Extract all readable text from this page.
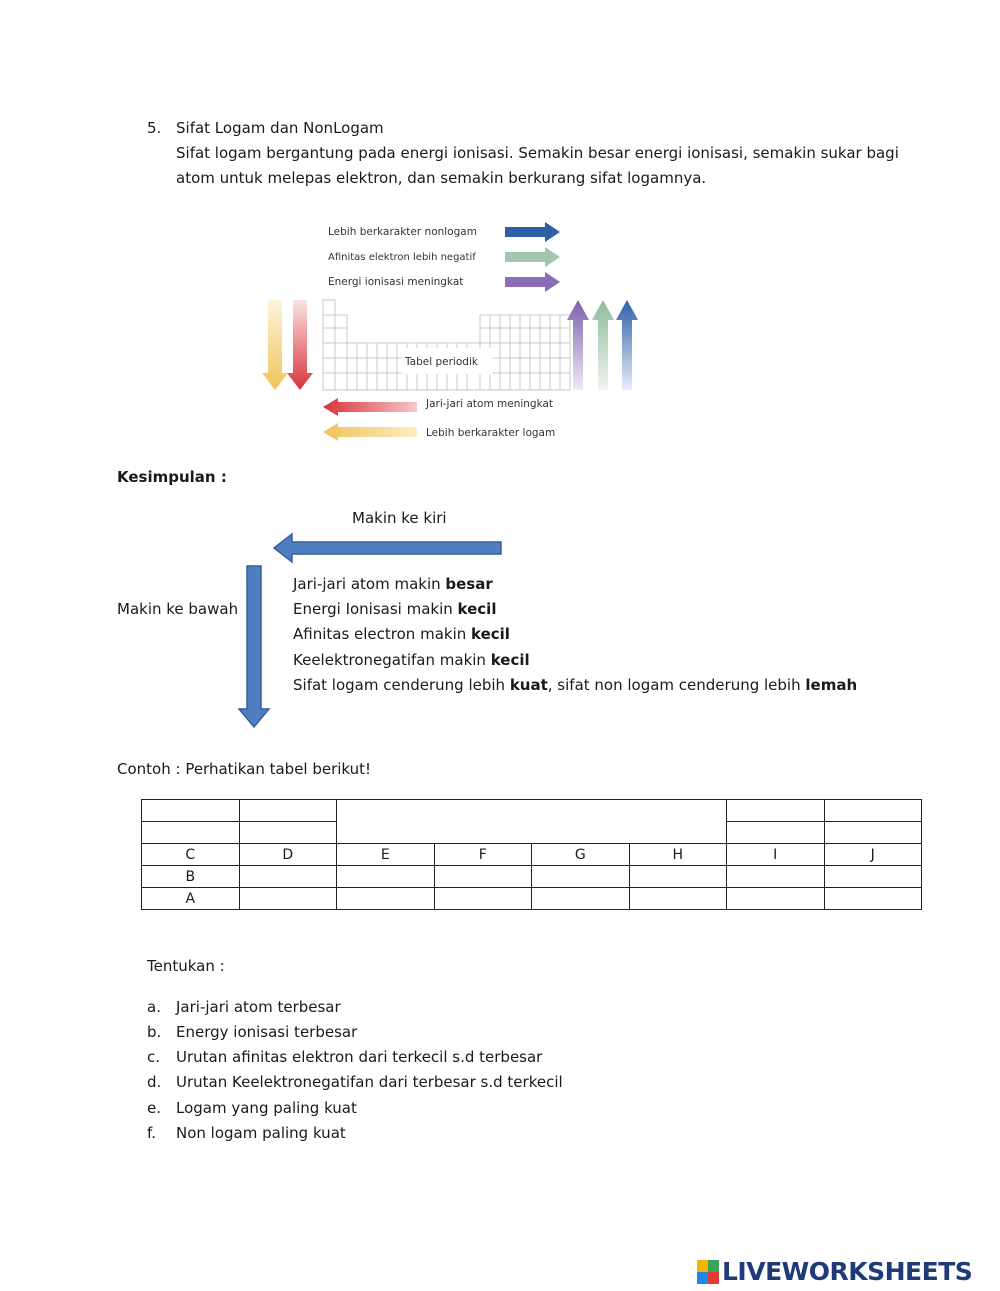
5. Sifat Logam dan NonLogam
Sifat logam bergantung pada energi ionisasi. Semakin besar energi ionisasi, semakin sukar bagi
atom untuk melepas elektron, dan semakin berkurang sifat logamnya.
Lebih berkarakter nonlogam
Afinitas elektron lebih negatif
Energi ionisasi meningkat
Tabel periodik
Jari-jari atom meningkat
Lebih berkarakter logam
Kesimpulan :
Makin ke kiri
Makin ke bawah
Jari-jari atom makin besar
Energi Ionisasi makin kecil
Afinitas electron makin kecil
Keelektronegatifan makin kecil
Sifat logam cenderung lebih kuat, sifat non logam cenderung lebih lemah
Contoh : Perhatikan tabel berikut!

C	D	E	F	G	H	I	J
B							
A							
Tentukan :
a. Jari-jari atom terbesar
b. Energy ionisasi terbesar
c. Urutan afinitas elektron dari terkecil s.d terbesar
d. Urutan Keelektronegatifan dari terbesar s.d terkecil
e. Logam yang paling kuat
f. Non logam paling kuat
LIVEWORKSHEETS
